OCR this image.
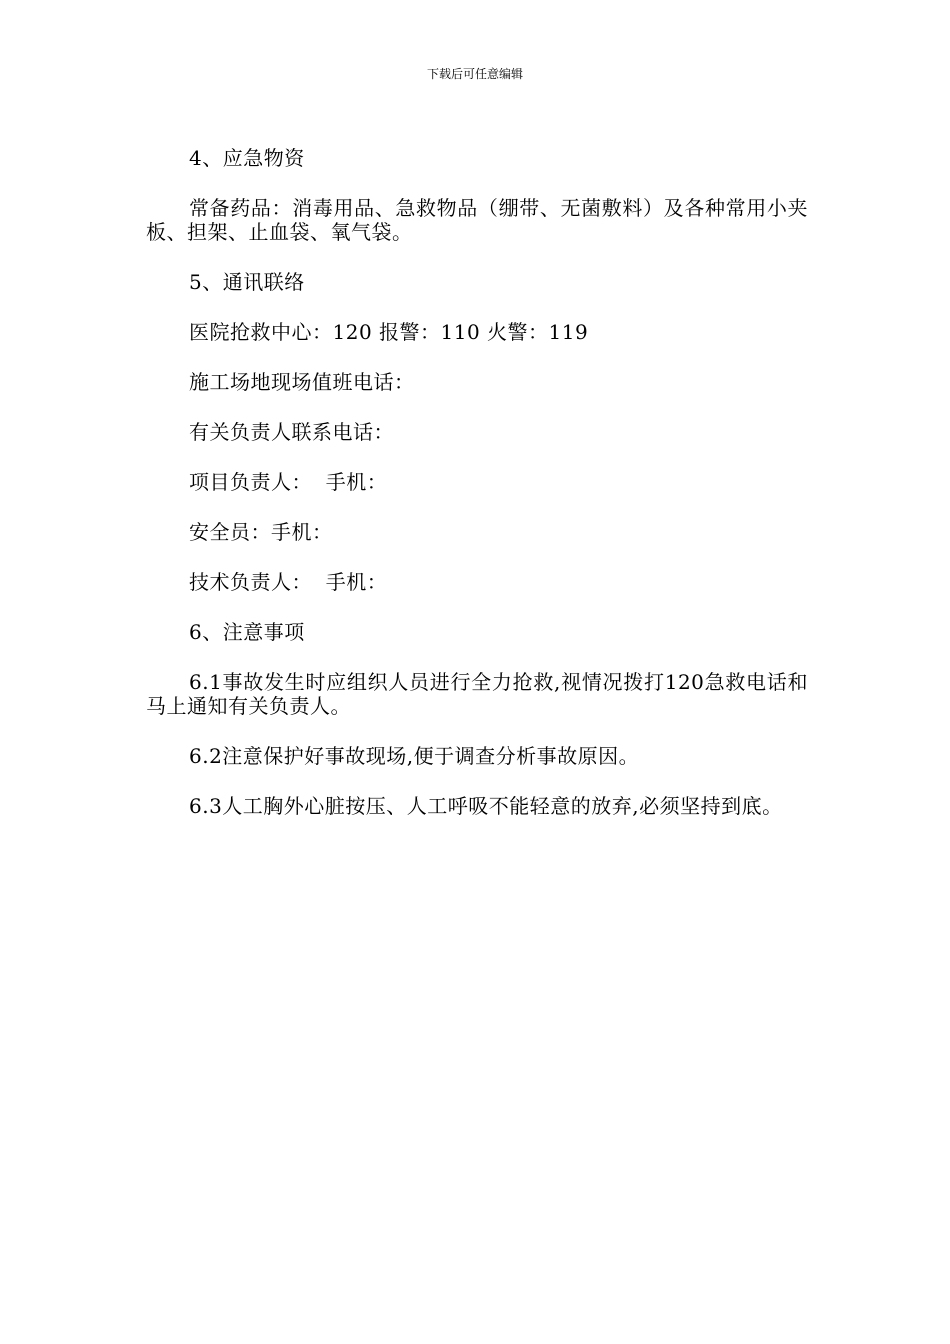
下载后可任意编辑

4、应急物资

常备药品：消毒用品、急救物品（绷带、无菌敷料）及各种常用小夹板、担架、止血袋、氧气袋。

5、通讯联络

医院抢救中心：120 报警：110 火警：119

施工场地现场值班电话：

有关负责人联系电话：

项目负责人：  手机：

安全员：手机：

技术负责人：  手机：

6、注意事项

6.1事故发生时应组织人员进行全力抢救,视情况拨打120急救电话和马上通知有关负责人。

6.2注意保护好事故现场,便于调查分析事故原因。

6.3人工胸外心脏按压、人工呼吸不能轻意的放弃,必须坚持到底。
